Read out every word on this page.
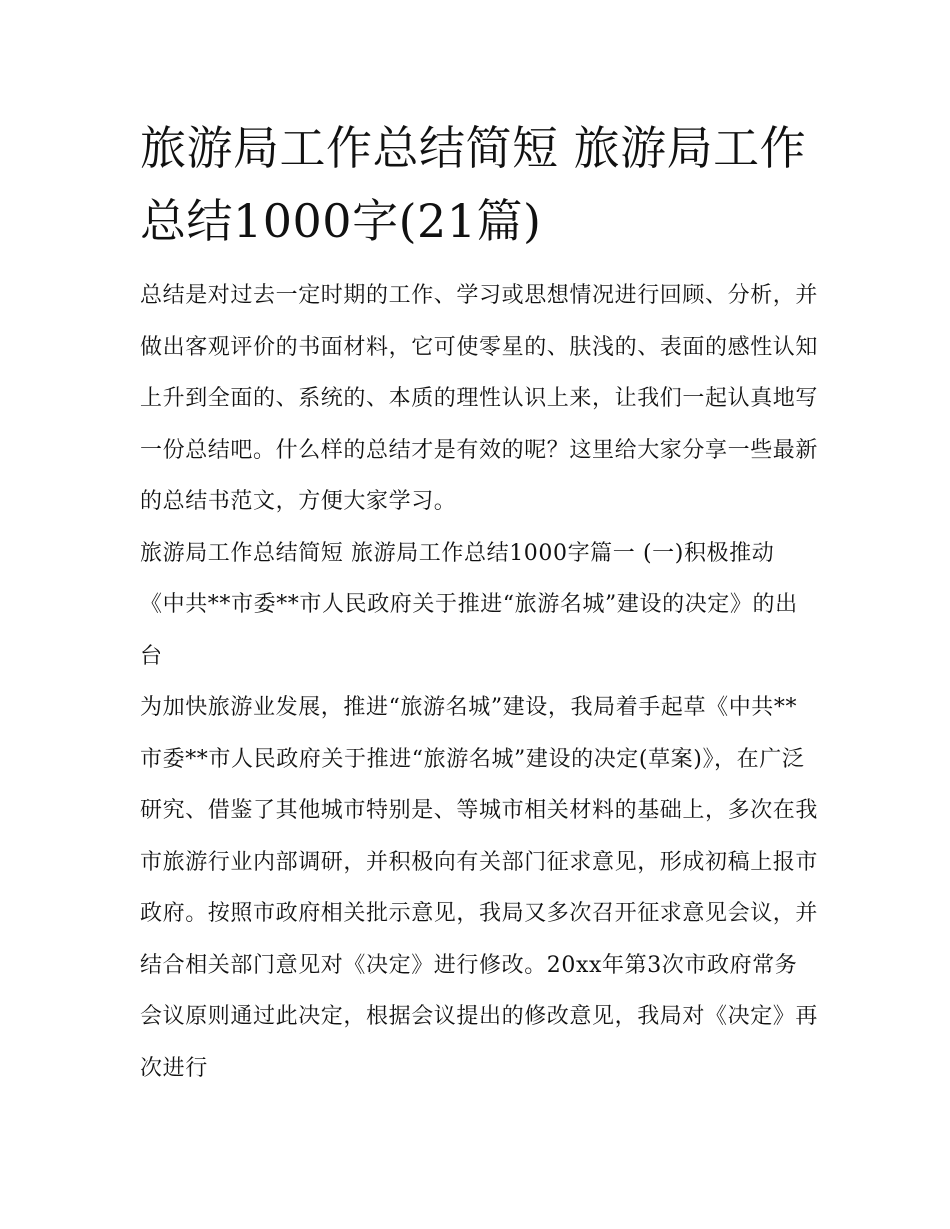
旅游局工作总结简短 旅游局工作总结1000字(21篇)

总结是对过去一定时期的工作、学习或思想情况进行回顾、分析，并做出客观评价的书面材料，它可使零星的、肤浅的、表面的感性认知上升到全面的、系统的、本质的理性认识上来，让我们一起认真地写一份总结吧。什么样的总结才是有效的呢？这里给大家分享一些最新的总结书范文，方便大家学习。

旅游局工作总结简短 旅游局工作总结1000字篇一 (一)积极推动《中共**市委**市人民政府关于推进“旅游名城”建设的决定》的出台

为加快旅游业发展，推进“旅游名城”建设，我局着手起草《中共**市委**市人民政府关于推进“旅游名城”建设的决定(草案)》，在广泛研究、借鉴了其他城市特别是、等城市相关材料的基础上，多次在我市旅游行业内部调研，并积极向有关部门征求意见，形成初稿上报市政府。按照市政府相关批示意见，我局又多次召开征求意见会议，并结合相关部门意见对《决定》进行修改。20xx年第3次市政府常务会议原则通过此决定，根据会议提出的修改意见，我局对《决定》再次进行
